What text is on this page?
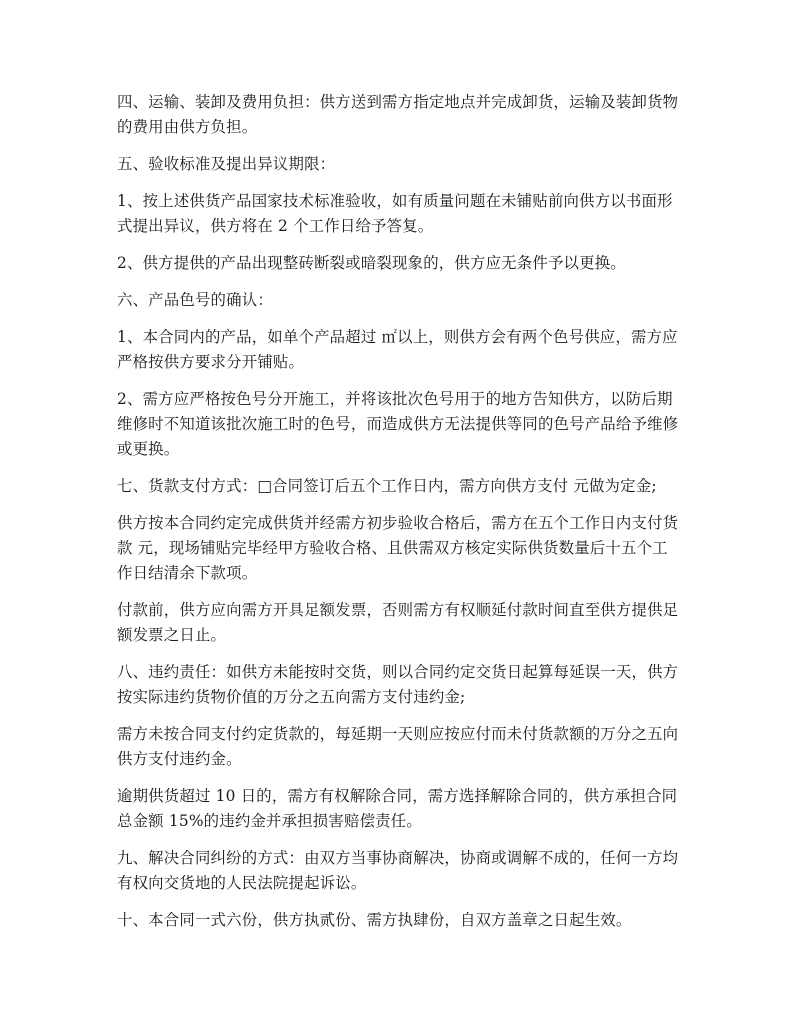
四、运输、装卸及费用负担：供方送到需方指定地点并完成卸货，运输及装卸货物
的费用由供方负担。

五、验收标准及提出异议期限：

1、按上述供货产品国家技术标准验收，如有质量问题在未铺贴前向供方以书面形
式提出异议，供方将在 2 个工作日给予答复。

2、供方提供的产品出现整砖断裂或暗裂现象的，供方应无条件予以更换。

六、产品色号的确认：

1、本合同内的产品，如单个产品超过 ㎡以上，则供方会有两个色号供应，需方应
严格按供方要求分开铺贴。

2、需方应严格按色号分开施工，并将该批次色号用于的地方告知供方，以防后期
维修时不知道该批次施工时的色号，而造成供方无法提供等同的色号产品给予维修
或更换。

七、货款支付方式：□合同签订后五个工作日内，需方向供方支付 元做为定金;

供方按本合同约定完成供货并经需方初步验收合格后，需方在五个工作日内支付货
款 元，现场铺贴完毕经甲方验收合格、且供需双方核定实际供货数量后十五个工
作日结清余下款项。

付款前，供方应向需方开具足额发票，否则需方有权顺延付款时间直至供方提供足
额发票之日止。

八、违约责任：如供方未能按时交货，则以合同约定交货日起算每延误一天，供方
按实际违约货物价值的万分之五向需方支付违约金;

需方未按合同支付约定货款的，每延期一天则应按应付而未付货款额的万分之五向
供方支付违约金。

逾期供货超过 10 日的，需方有权解除合同，需方选择解除合同的，供方承担合同
总金额 15%的违约金并承担损害赔偿责任。

九、解决合同纠纷的方式：由双方当事协商解决，协商或调解不成的，任何一方均
有权向交货地的人民法院提起诉讼。

十、本合同一式六份，供方执贰份、需方执肆份，自双方盖章之日起生效。
